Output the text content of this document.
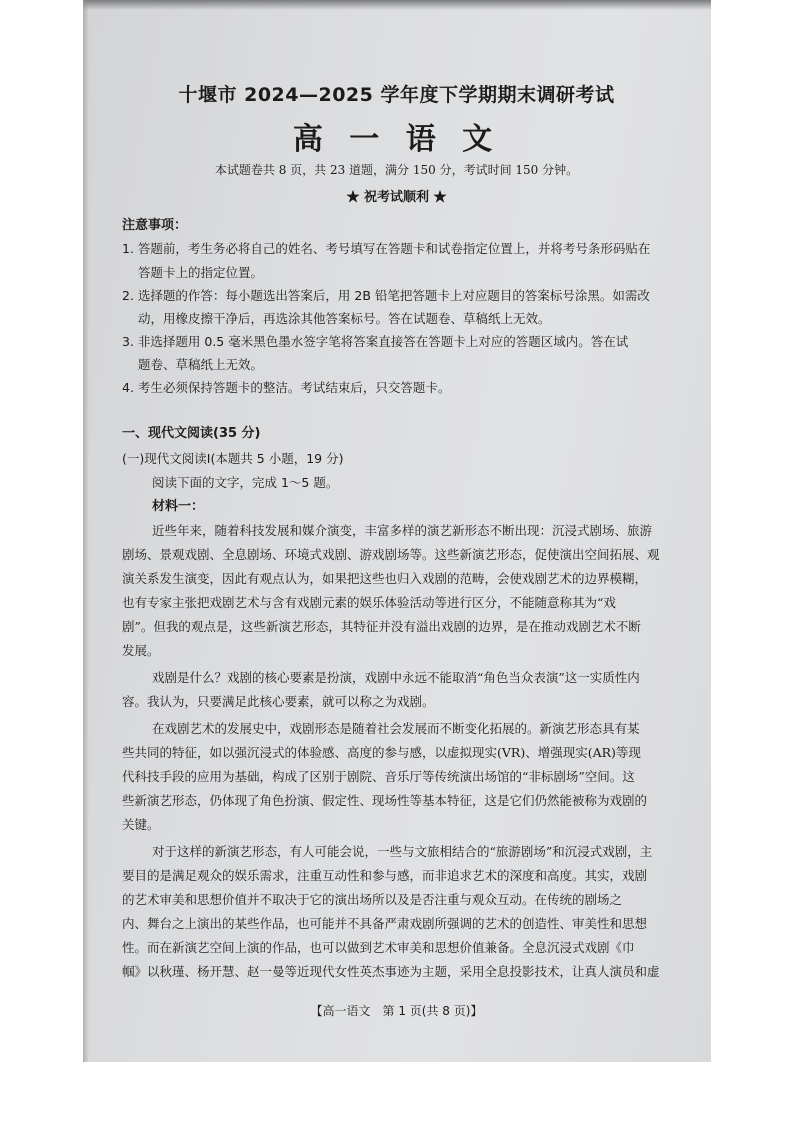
十堰市 2024—2025 学年度下学期期末调研考试
高 一 语 文
本试题卷共 8 页，共 23 道题，满分 150 分，考试时间 150 分钟。
★ 祝考试顺利 ★
注意事项：
1. 答题前，考生务必将自己的姓名、考号填写在答题卡和试卷指定位置上，并将考号条形码贴在
答题卡上的指定位置。
2. 选择题的作答：每小题选出答案后，用 2B 铅笔把答题卡上对应题目的答案标号涂黑。如需改
动，用橡皮擦干净后，再选涂其他答案标号。答在试题卷、草稿纸上无效。
3. 非选择题用 0.5 毫米黑色墨水签字笔将答案直接答在答题卡上对应的答题区域内。答在试
题卷、草稿纸上无效。
4. 考生必须保持答题卡的整洁。考试结束后，只交答题卡。
一、现代文阅读(35 分)
(一)现代文阅读Ⅰ(本题共 5 小题，19 分)
阅读下面的文字，完成 1～5 题。
材料一：
近些年来，随着科技发展和媒介演变，丰富多样的演艺新形态不断出现：沉浸式剧场、旅游
剧场、景观戏剧、全息剧场、环境式戏剧、游戏剧场等。这些新演艺形态，促使演出空间拓展、观
演关系发生演变，因此有观点认为，如果把这些也归入戏剧的范畴，会使戏剧艺术的边界模糊，
也有专家主张把戏剧艺术与含有戏剧元素的娱乐体验活动等进行区分，不能随意称其为“戏
剧”。但我的观点是，这些新演艺形态，其特征并没有溢出戏剧的边界，是在推动戏剧艺术不断
发展。
戏剧是什么？戏剧的核心要素是扮演，戏剧中永远不能取消“角色当众表演”这一实质性内
容。我认为，只要满足此核心要素，就可以称之为戏剧。
在戏剧艺术的发展史中，戏剧形态是随着社会发展而不断变化拓展的。新演艺形态具有某
些共同的特征，如以强沉浸式的体验感、高度的参与感，以虚拟现实(VR)、增强现实(AR)等现
代科技手段的应用为基础，构成了区别于剧院、音乐厅等传统演出场馆的“非标剧场”空间。这
些新演艺形态，仍体现了角色扮演、假定性、现场性等基本特征，这是它们仍然能被称为戏剧的
关键。
对于这样的新演艺形态，有人可能会说，一些与文旅相结合的“旅游剧场”和沉浸式戏剧，主
要目的是满足观众的娱乐需求，注重互动性和参与感，而非追求艺术的深度和高度。其实，戏剧
的艺术审美和思想价值并不取决于它的演出场所以及是否注重与观众互动。在传统的剧场之
内、舞台之上演出的某些作品，也可能并不具备严肃戏剧所强调的艺术的创造性、审美性和思想
性。而在新演艺空间上演的作品，也可以做到艺术审美和思想价值兼备。全息沉浸式戏剧《巾
帼》以秋瑾、杨开慧、赵一曼等近现代女性英杰事迹为主题，采用全息投影技术，让真人演员和虚
【高一语文　第 1 页(共 8 页)】
